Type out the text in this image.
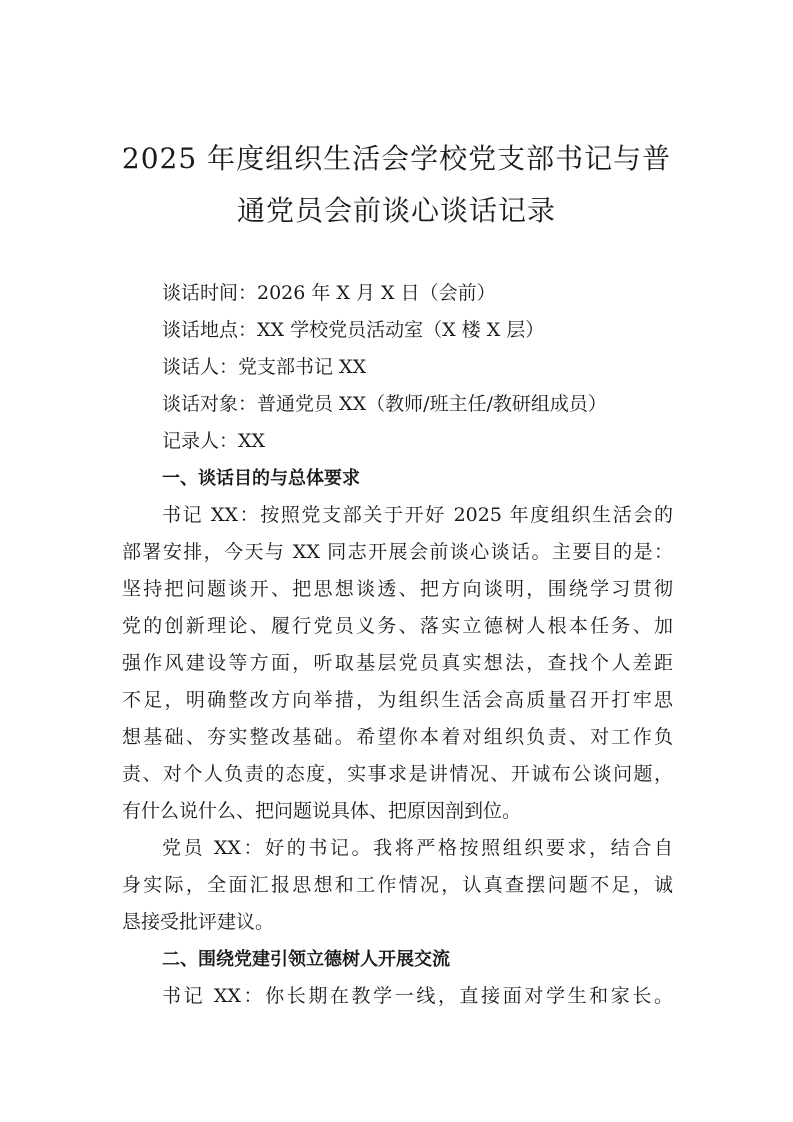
2025 年度组织生活会学校党支部书记与普
通党员会前谈心谈话记录
谈话时间：2026 年 X 月 X 日（会前）
谈话地点：XX 学校党员活动室（X 楼 X 层）
谈话人：党支部书记 XX
谈话对象：普通党员 XX（教师/班主任/教研组成员）
记录人：XX
一、谈话目的与总体要求
书记 XX：按照党支部关于开好 2025 年度组织生活会的
部署安排，今天与 XX 同志开展会前谈心谈话。主要目的是：
坚持把问题谈开、把思想谈透、把方向谈明，围绕学习贯彻
党的创新理论、履行党员义务、落实立德树人根本任务、加
强作风建设等方面，听取基层党员真实想法，查找个人差距
不足，明确整改方向举措，为组织生活会高质量召开打牢思
想基础、夯实整改基础。希望你本着对组织负责、对工作负
责、对个人负责的态度，实事求是讲情况、开诚布公谈问题，
有什么说什么、把问题说具体、把原因剖到位。
党员 XX：好的书记。我将严格按照组织要求，结合自
身实际，全面汇报思想和工作情况，认真查摆问题不足，诚
恳接受批评建议。
二、围绕党建引领立德树人开展交流
书记 XX：你长期在教学一线，直接面对学生和家长。
